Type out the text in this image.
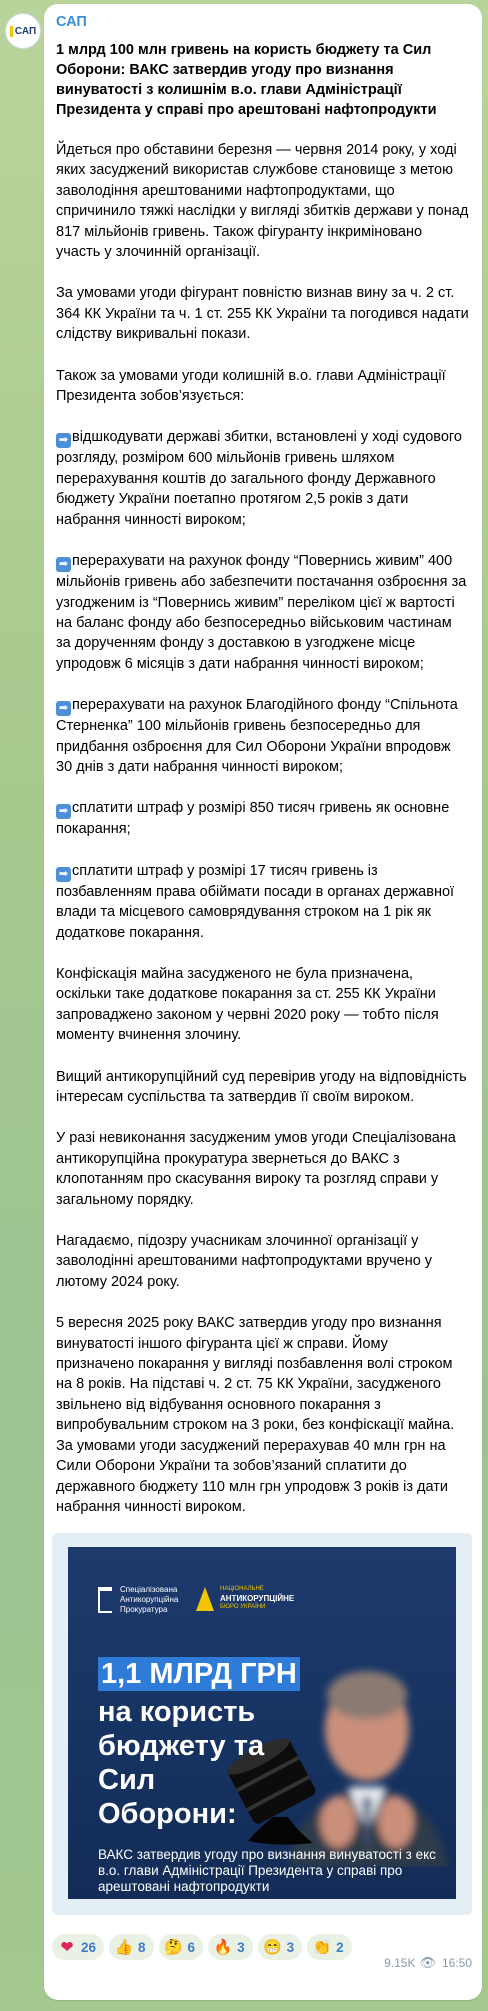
САП
САП
1 млрд 100 млн гривень на користь бюджету та Сил Оборони: ВАКС затвердив угоду про визнання винуватості з колишнім в.о. глави Адміністрації Президента у справі про арештовані нафтопродукти

Йдеться про обставини березня — червня 2014 року, у ході яких засуджений використав службове становище з метою заволодіння арештованими нафтопродуктами, що спричинило тяжкі наслідки у вигляді збитків держави у понад 817 мільйонів гривень. Також фігуранту інкриміновано участь у злочинній організації.

За умовами угоди фігурант повністю визнав вину за ч. 2 ст. 364 КК України та ч. 1 ст. 255 КК України та погодився надати слідству викривальні покази.

Також за умовами угоди колишній в.о. глави Адміністрації Президента зобов’язується:

➡ відшкодувати державі збитки, встановлені у ході судового розгляду, розміром 600 мільйонів гривень шляхом перерахування коштів до загального фонду Державного бюджету України поетапно протягом 2,5 років з дати набрання чинності вироком;

➡ перерахувати на рахунок фонду “Повернись живим” 400 мільйонів гривень або забезпечити постачання озброєння за узгодженим із “Повернись живим” переліком цієї ж вартості на баланс фонду або безпосередньо військовим частинам за дорученням фонду з доставкою в узгоджене місце упродовж 6 місяців з дати набрання чинності вироком;

➡ перерахувати на рахунок Благодійного фонду “Спільнота Стерненка” 100 мільйонів гривень безпосередньо для придбання озброєння для Сил Оборони України впродовж 30 днів з дати набрання чинності вироком;

➡ сплатити штраф у розмірі 850 тисяч гривень як основне покарання;

➡ сплатити штраф у розмірі 17 тисяч гривень із позбавленням права обіймати посади в органах державної влади та місцевого самоврядування строком на 1 рік як додаткове покарання.

Конфіскація майна засудженого не була призначена, оскільки таке додаткове покарання за ст. 255 КК України запроваджено законом у червні 2020 року — тобто після моменту вчинення злочину.

Вищий антикорупційний суд перевірив угоду на відповідність інтересам суспільства та затвердив її своїм вироком.

У разі невиконання засудженим умов угоди Спеціалізована антикорупційна прокуратура звернеться до ВАКС з клопотанням про скасування вироку та розгляд справи у загальному порядку.

Нагадаємо, підозру учасникам злочинної організації у заволодінні арештованими нафтопродуктами вручено у лютому 2024 року.

5 вересня 2025 року ВАКС затвердив угоду про визнання винуватості іншого фігуранта цієї ж справи. Йому призначено покарання у вигляді позбавлення волі строком на 8 років. На підставі ч. 2 ст. 75 КК України, засудженого звільнено від відбування основного покарання з випробувальним строком на 3 роки, без конфіскації майна. За умовами угоди засуджений перерахував 40 млн грн на Сили Оборони України та зобов’язаний сплатити до державного бюджету 110 млн грн упродовж 3 років із дати набрання чинності вироком.

Спеціалізована
Антикорупційна
Прокуратура
НАЦІОНАЛЬНЕ
АНТИКОРУПЦІЙНЕ
БЮРО УКРАЇНИ
1,1 МЛРД ГРН
на користь бюджету та Сил Оборони:
ВАКС затвердив угоду про визнання винуватості з екс в.о. глави Адміністрації Президента у справі про арештовані нафтопродукти
❤ 26 👍 8 🤔 6 🔥 3 😁 3 👏 2
9.15K 👁 16:50
